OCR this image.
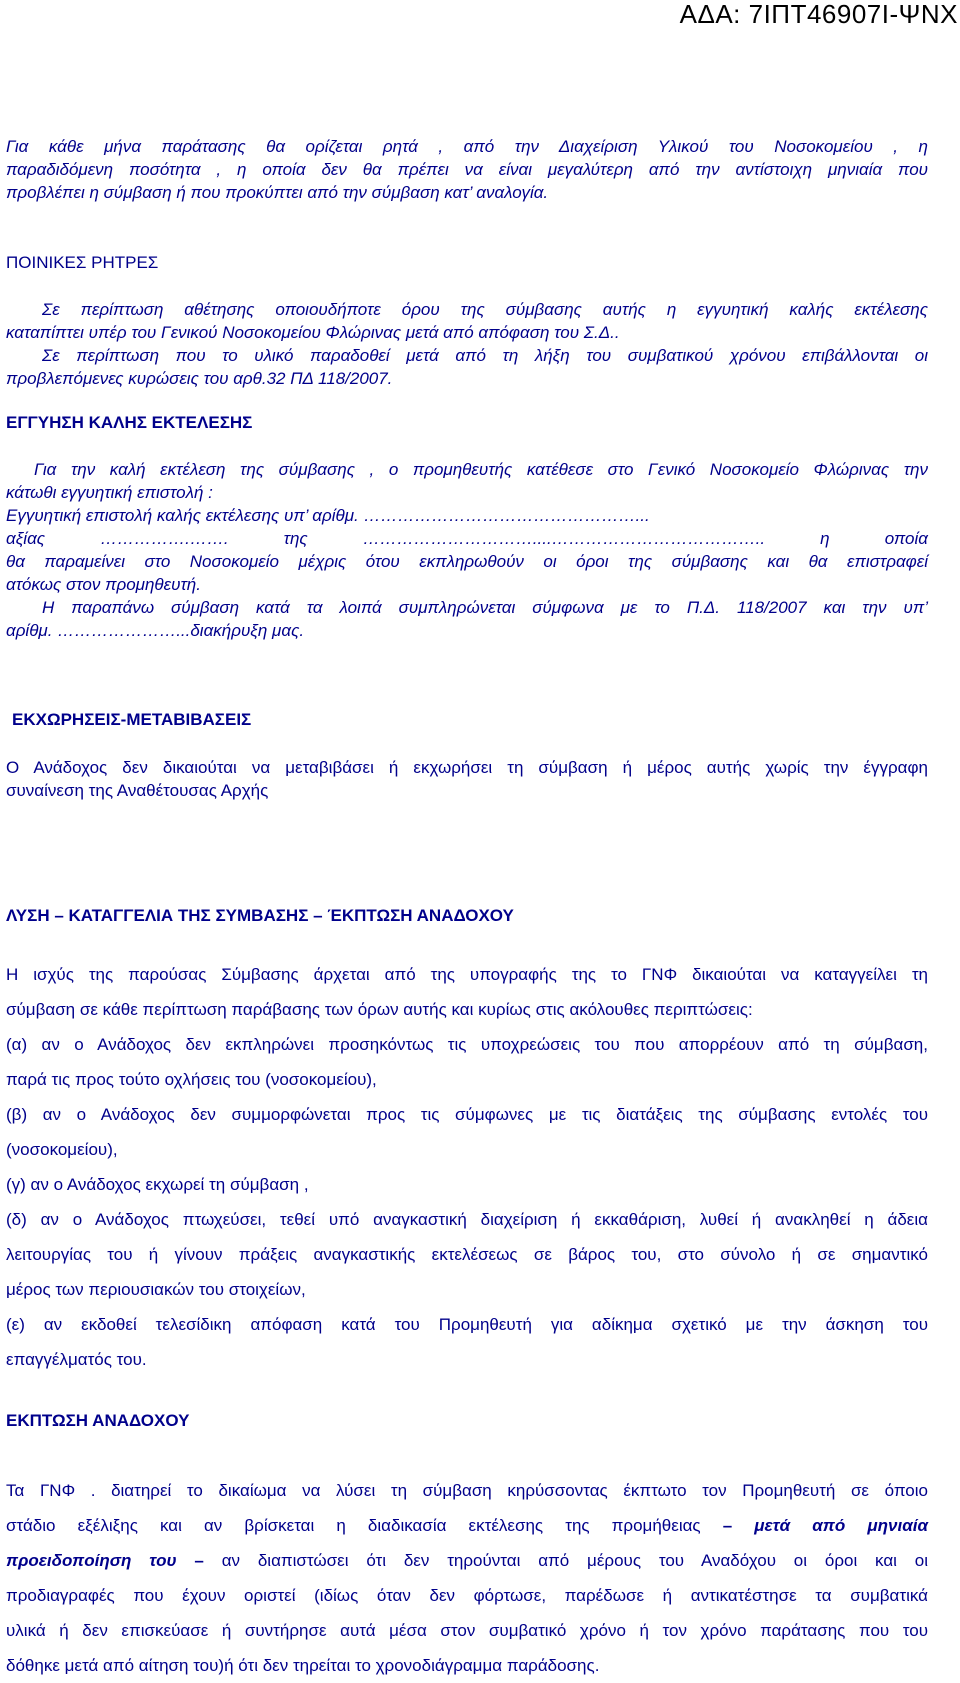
ΑΔΑ: 7ΙΠΤ46907Ι-ΨΝΧ
Για κάθε μήνα παράτασης θα ορίζεται ρητά , από την Διαχείριση Υλικού του Νοσοκομείου , η
παραδιδόμενη ποσότητα , η οποία δεν θα πρέπει να είναι μεγαλύτερη από την αντίστοιχη μηνιαία που
προβλέπει η σύμβαση ή που προκύπτει από την σύμβαση κατ’ αναλογία.
ΠΟΙΝΙΚΕΣ ΡΗΤΡΕΣ
Σε περίπτωση αθέτησης οποιουδήποτε όρου της σύμβασης αυτής η εγγυητική καλής εκτέλεσης
καταπίπτει υπέρ του Γενικού Νοσοκομείου Φλώρινας μετά από απόφαση του Σ.Δ..
Σε περίπτωση που το υλικό παραδοθεί μετά από τη λήξη του συμβατικού χρόνου επιβάλλονται οι
προβλεπόμενες κυρώσεις του αρθ.32 ΠΔ 118/2007.
ΕΓΓΥΗΣΗ ΚΑΛΗΣ ΕΚΤΕΛΕΣΗΣ
Για την καλή εκτέλεση της σύμβασης , ο προμηθευτής κατέθεσε στο Γενικό Νοσοκομείο Φλώρινας την
κάτωθι εγγυητική επιστολή :
Εγγυητική επιστολή καλής εκτέλεσης υπ’ αρίθμ. …………………………………………...
αξίας …………….……. της …………………………....……………………………….. η οποία
θα παραμείνει στο Νοσοκομείο μέχρις ότου εκπληρωθούν οι όροι της σύμβασης και θα επιστραφεί
ατόκως στον προμηθευτή.
Η παραπάνω σύμβαση κατά τα λοιπά συμπληρώνεται σύμφωνα με το Π.Δ. 118/2007 και την υπ’
αρίθμ. …………………...διακήρυξη μας.
ΕΚΧΩΡΗΣΕΙΣ-ΜΕΤΑΒΙΒΑΣΕΙΣ
Ο Ανάδοχος δεν δικαιούται να μεταβιβάσει ή εκχωρήσει τη σύμβαση ή μέρος αυτής χωρίς την έγγραφη
συναίνεση της Αναθέτουσας Αρχής
ΛΥΣΗ – ΚΑΤΑΓΓΕΛΙΑ ΤΗΣ ΣΥΜΒΑΣΗΣ – ΈΚΠΤΩΣΗ ΑΝΑΔΟΧΟΥ
Η ισχύς της παρούσας Σύμβασης άρχεται από της υπογραφής της το ΓΝΦ δικαιούται να καταγγείλει τη
σύμβαση σε κάθε περίπτωση παράβασης των όρων αυτής και κυρίως στις ακόλουθες περιπτώσεις:
(α) αν ο Ανάδοχος δεν εκπληρώνει προσηκόντως τις υποχρεώσεις του που απορρέουν από τη σύμβαση,
παρά τις προς τούτο οχλήσεις του (νοσοκομείου),
(β) αν ο Ανάδοχος δεν συμμορφώνεται προς τις σύμφωνες με τις διατάξεις της σύμβασης εντολές του
(νοσοκομείου),
(γ) αν ο Ανάδοχος εκχωρεί τη σύμβαση ,
(δ) αν ο Ανάδοχος πτωχεύσει, τεθεί υπό αναγκαστική διαχείριση ή εκκαθάριση, λυθεί ή ανακληθεί η άδεια
λειτουργίας του ή γίνουν πράξεις αναγκαστικής εκτελέσεως σε βάρος του, στο σύνολο ή σε σημαντικό
μέρος των περιουσιακών του στοιχείων,
(ε) αν εκδοθεί τελεσίδικη απόφαση κατά του Προμηθευτή για αδίκημα σχετικό με την άσκηση του
επαγγέλματός του.
ΕΚΠΤΩΣΗ ΑΝΑΔΟΧΟΥ
Τα ΓΝΦ . διατηρεί το δικαίωμα να λύσει τη σύμβαση κηρύσσοντας έκπτωτο τον Προμηθευτή σε όποιο
στάδιο εξέλιξης και αν βρίσκεται η διαδικασία εκτέλεσης της προμήθειας – μετά από μηνιαία
προειδοποίηση του – αν διαπιστώσει ότι δεν τηρούνται από μέρους του Αναδόχου οι όροι και οι
προδιαγραφές που έχουν οριστεί (ιδίως όταν δεν φόρτωσε, παρέδωσε ή αντικατέστησε τα συμβατικά
υλικά ή δεν επισκεύασε ή συντήρησε αυτά μέσα στον συμβατικό χρόνο ή τον χρόνο παράτασης που του
δόθηκε μετά από αίτηση του)ή ότι δεν τηρείται το χρονοδιάγραμμα παράδοσης.
